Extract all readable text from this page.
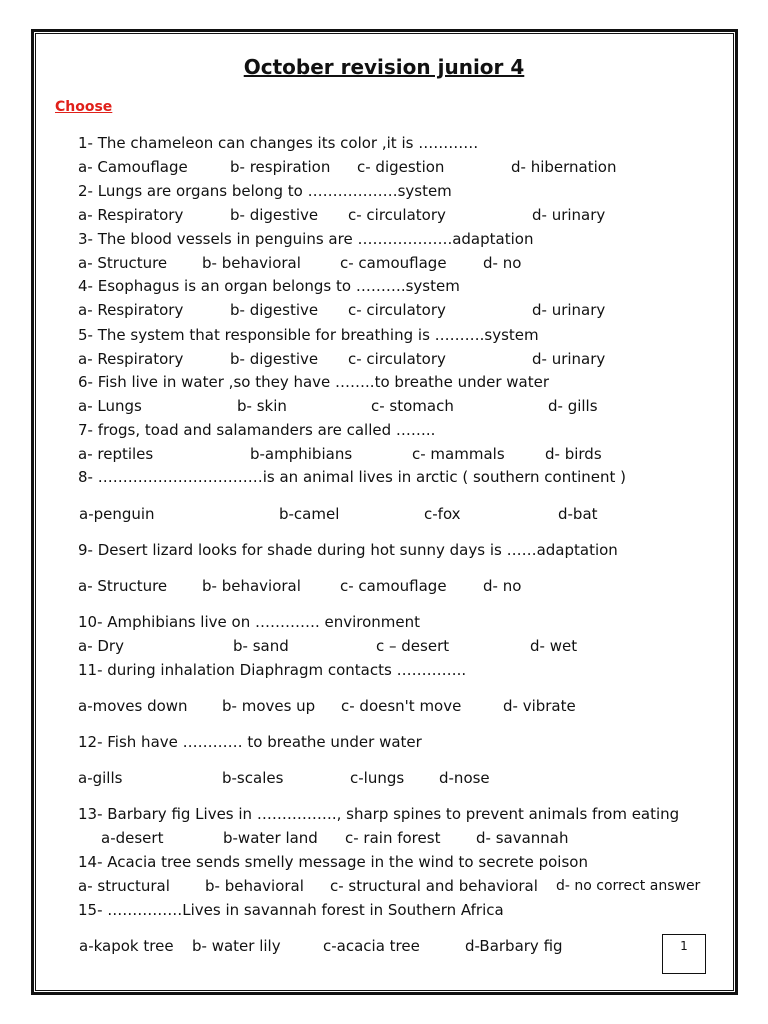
October revision junior 4
Choose
1- The chameleon can changes its color ,it is …………
a- Camouflage	b- respiration c- digestion	d- hibernation
2- Lungs are organs belong to ………………system
a- Respiratory	b- digestive c- circulatory	d- urinary
3- The blood vessels in penguins are ……………….adaptation
a- Structure b- behavioral	c- camouflage d- no
4- Esophagus is an organ belongs to ……….system
a- Respiratory	b- digestive c- circulatory	d- urinary
5- The system that responsible for breathing is ……….system
a- Respiratory	b- digestive c- circulatory	d- urinary
6- Fish live in water ,so they have ……..to breathe under water
a- Lungs	b- skin	c- stomach	d- gills
7- frogs, toad and salamanders are called ……..
a- reptiles	b-amphibians	c- mammals	d- birds
8- ……………………………is an animal lives in arctic ( southern continent )
a-penguin	b-camel	c-fox	d-bat
9- Desert lizard looks for shade during hot sunny days is ……adaptation
a- Structure b- behavioral	c- camouflage d- no
10- Amphibians live on …………. environment
a- Dry	b- sand	c – desert	d- wet
11- during inhalation Diaphragm contacts …………..
a-moves down b- moves up c- doesn't move	d- vibrate
12- Fish have ………… to breathe under water
a-gills	b-scales	c-lungs d-nose
13- Barbary fig Lives in ……………., sharp spines to prevent animals from eating
a-desert	b-water land c- rain forest d- savannah
14- Acacia tree sends smelly message in the wind to secrete poison
a- structural b- behavioral c- structural and behavioral d- no correct answer
15- ……………Lives in savannah forest in Southern Africa
a-kapok tree b- water lily	c-acacia tree	d-Barbary fig	1
